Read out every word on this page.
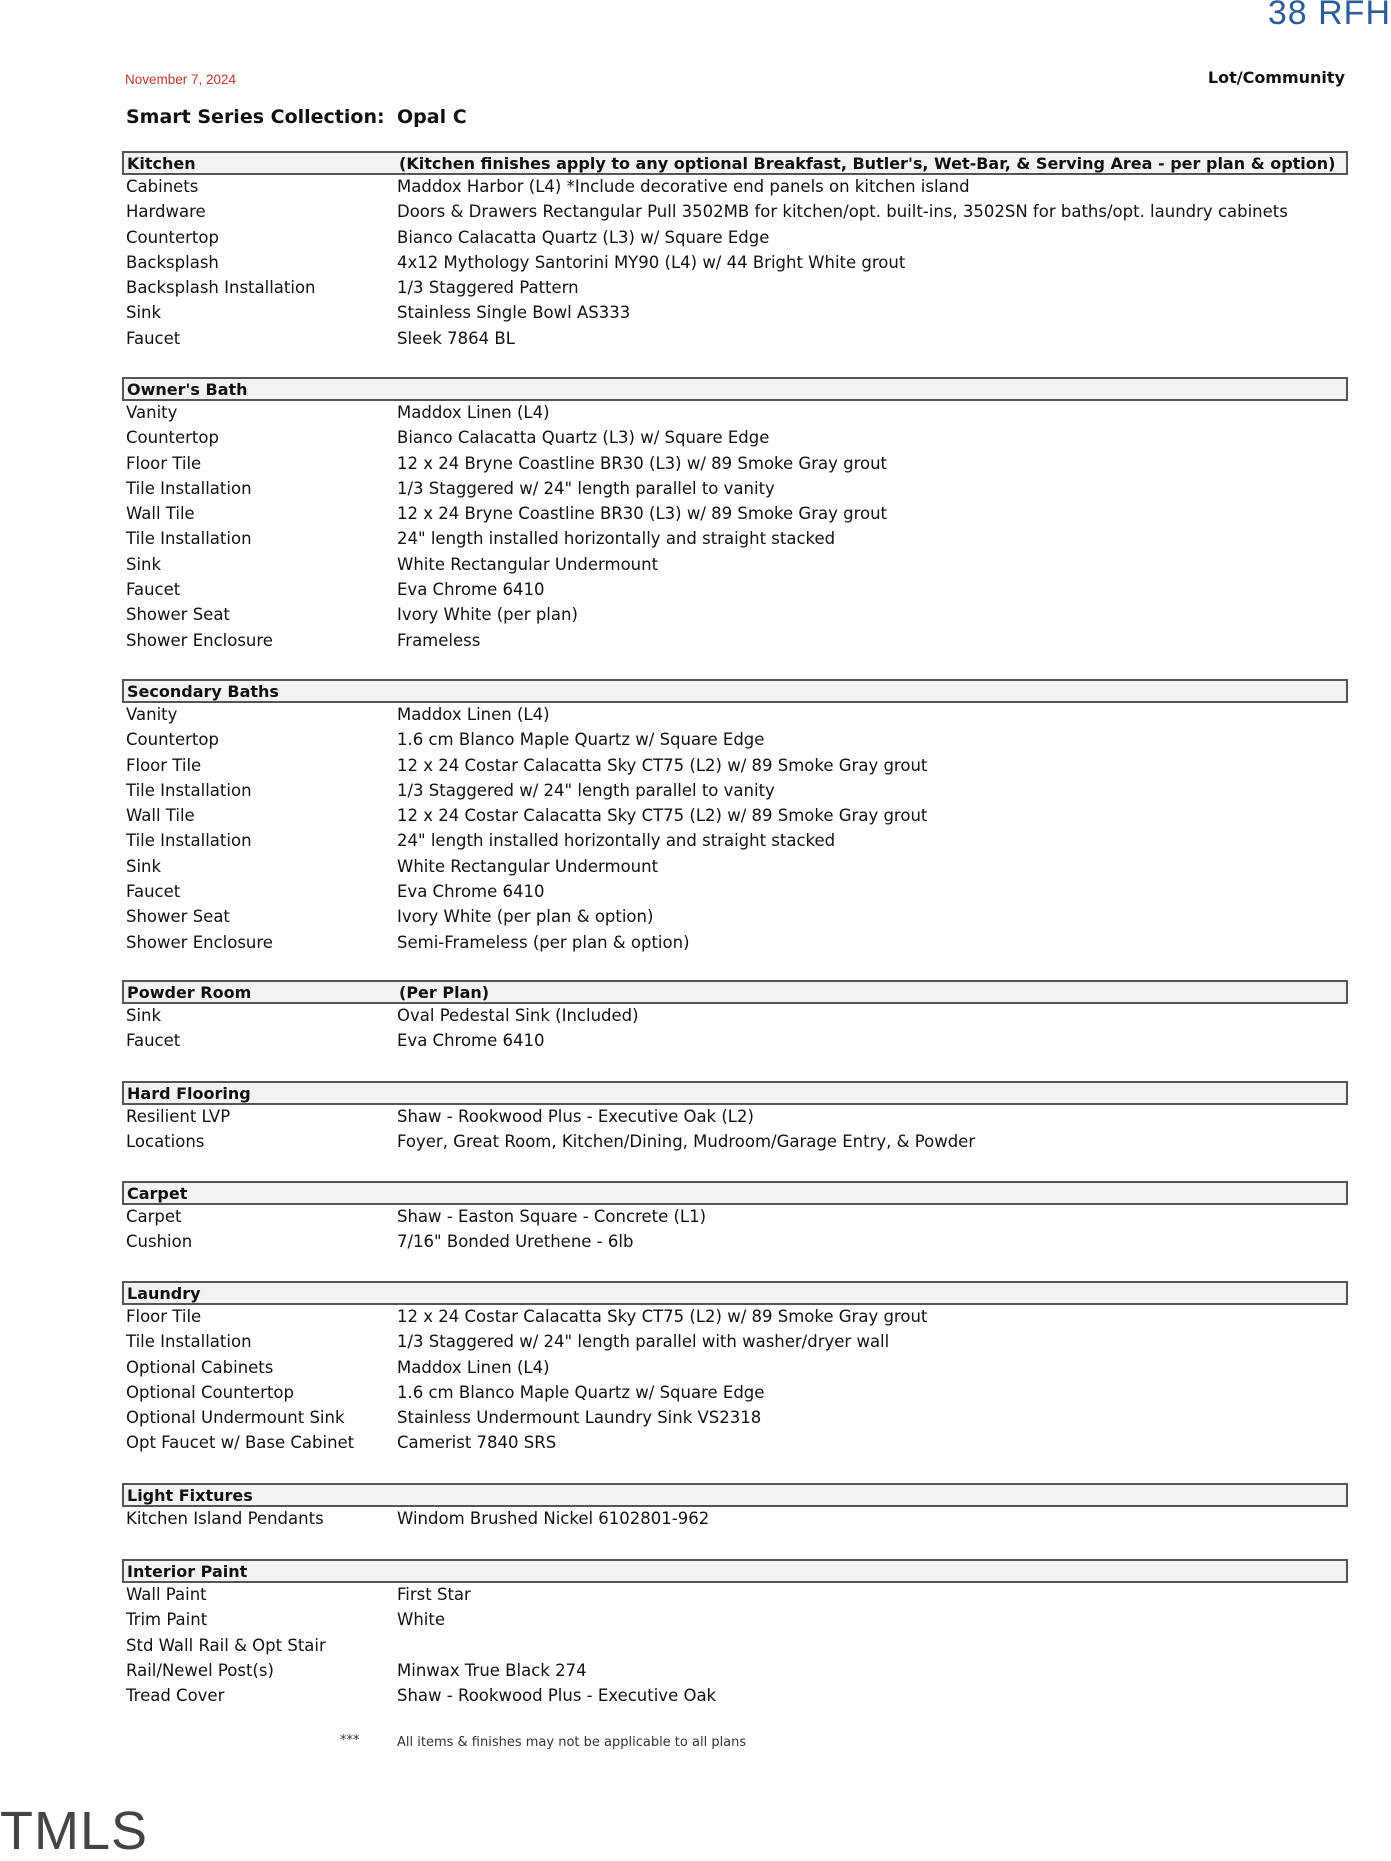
38 RFH
November 7, 2024	Lot/Community
Smart Series Collection: Opal C
Kitchen	(Kitchen finishes apply to any optional Breakfast, Butler's, Wet-Bar, & Serving Area - per plan & option)
Cabinets	Maddox Harbor (L4) *Include decorative end panels on kitchen island
Hardware	Doors & Drawers Rectangular Pull 3502MB for kitchen/opt. built-ins, 3502SN for baths/opt. laundry cabinets
Countertop	Bianco Calacatta Quartz (L3) w/ Square Edge
Backsplash	4x12 Mythology Santorini MY90 (L4) w/ 44 Bright White grout
Backsplash Installation	1/3 Staggered Pattern
Sink	Stainless Single Bowl AS333
Faucet	Sleek 7864 BL
Owner's Bath
Vanity	Maddox Linen (L4)
Countertop	Bianco Calacatta Quartz (L3) w/ Square Edge
Floor Tile	12 x 24 Bryne Coastline BR30 (L3) w/ 89 Smoke Gray grout
Tile Installation	1/3 Staggered w/ 24" length parallel to vanity
Wall Tile	12 x 24 Bryne Coastline BR30 (L3) w/ 89 Smoke Gray grout
Tile Installation	24" length installed horizontally and straight stacked
Sink	White Rectangular Undermount
Faucet	Eva Chrome 6410
Shower Seat	Ivory White (per plan)
Shower Enclosure	Frameless
Secondary Baths
Vanity	Maddox Linen (L4)
Countertop	1.6 cm Blanco Maple Quartz w/ Square Edge
Floor Tile	12 x 24 Costar Calacatta Sky CT75 (L2) w/ 89 Smoke Gray grout
Tile Installation	1/3 Staggered w/ 24" length parallel to vanity
Wall Tile	12 x 24 Costar Calacatta Sky CT75 (L2) w/ 89 Smoke Gray grout
Tile Installation	24" length installed horizontally and straight stacked
Sink	White Rectangular Undermount
Faucet	Eva Chrome 6410
Shower Seat	Ivory White (per plan & option)
Shower Enclosure	Semi-Frameless (per plan & option)
Powder Room	(Per Plan)
Sink	Oval Pedestal Sink (Included)
Faucet	Eva Chrome 6410
Hard Flooring
Resilient LVP	Shaw - Rookwood Plus - Executive Oak (L2)
Locations	Foyer, Great Room, Kitchen/Dining, Mudroom/Garage Entry, & Powder
Carpet
Carpet	Shaw - Easton Square - Concrete (L1)
Cushion	7/16" Bonded Urethene - 6lb
Laundry
Floor Tile	12 x 24 Costar Calacatta Sky CT75 (L2) w/ 89 Smoke Gray grout
Tile Installation	1/3 Staggered w/ 24" length parallel with washer/dryer wall
Optional Cabinets	Maddox Linen (L4)
Optional Countertop	1.6 cm Blanco Maple Quartz w/ Square Edge
Optional Undermount Sink	Stainless Undermount Laundry Sink VS2318
Opt Faucet w/ Base Cabinet	Camerist 7840 SRS
Light Fixtures
Kitchen Island Pendants	Windom Brushed Nickel 6102801-962
Interior Paint
Wall Paint	First Star
Trim Paint	White
Std Wall Rail & Opt Stair
Rail/Newel Post(s)	Minwax True Black 274
Tread Cover	Shaw - Rookwood Plus - Executive Oak
***	All items & finishes may not be applicable to all plans
TMLS
